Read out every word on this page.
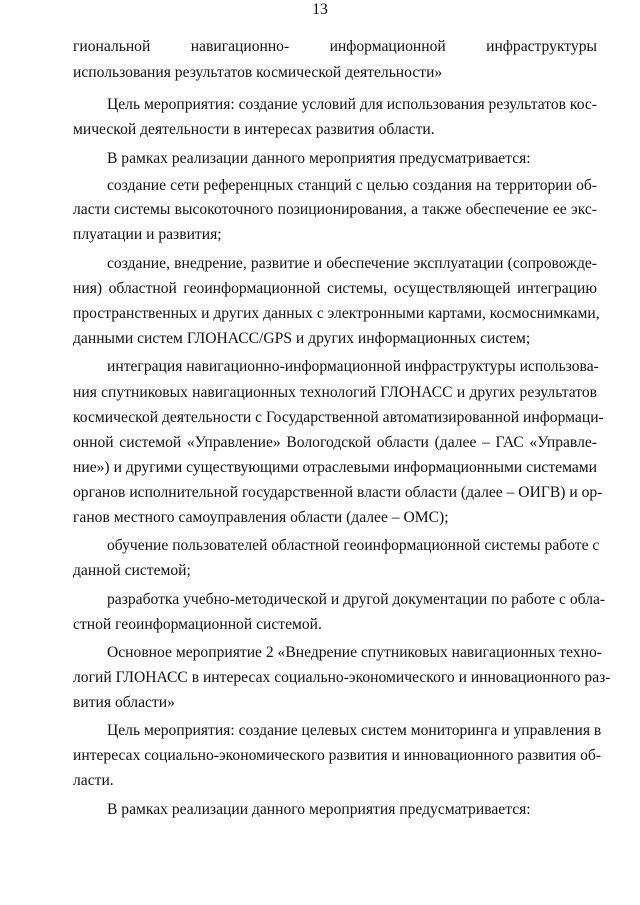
13
гиональной навигационно- информационной инфраструктуры
использования результатов космической деятельности»
Цель мероприятия: создание условий для использования результатов кос-
мической деятельности в интересах развития области.
В рамках реализации данного мероприятия предусматривается:
создание сети референцных станций с целью создания на территории об-
ласти системы высокоточного позиционирования, а также обеспечение ее экс-
плуатации и развития;
создание, внедрение, развитие и обеспечение эксплуатации (сопровожде-
ния) областной геоинформационной системы, осуществляющей интеграцию
пространственных и других данных с электронными картами, космоснимками,
данными систем ГЛОНАСС/GPS и других информационных систем;
интеграция навигационно-информационной инфраструктуры использова-
ния спутниковых навигационных технологий ГЛОНАСС и других результатов
космической деятельности с Государственной автоматизированной информаци-
онной системой «Управление» Вологодской области (далее – ГАС «Управле-
ние») и другими существующими отраслевыми информационными системами
органов исполнительной государственной власти области (далее – ОИГВ) и ор-
ганов местного самоуправления области (далее – ОМС);
обучение пользователей областной геоинформационной системы работе с
данной системой;
разработка учебно-методической и другой документации по работе с обла-
стной геоинформационной системой.
Основное мероприятие 2 «Внедрение спутниковых навигационных техно-
логий ГЛОНАСС в интересах социально-экономического и инновационного раз-
вития области»
Цель мероприятия: создание целевых систем мониторинга и управления в
интересах социально-экономического развития и инновационного развития об-
ласти.
В рамках реализации данного мероприятия предусматривается:
